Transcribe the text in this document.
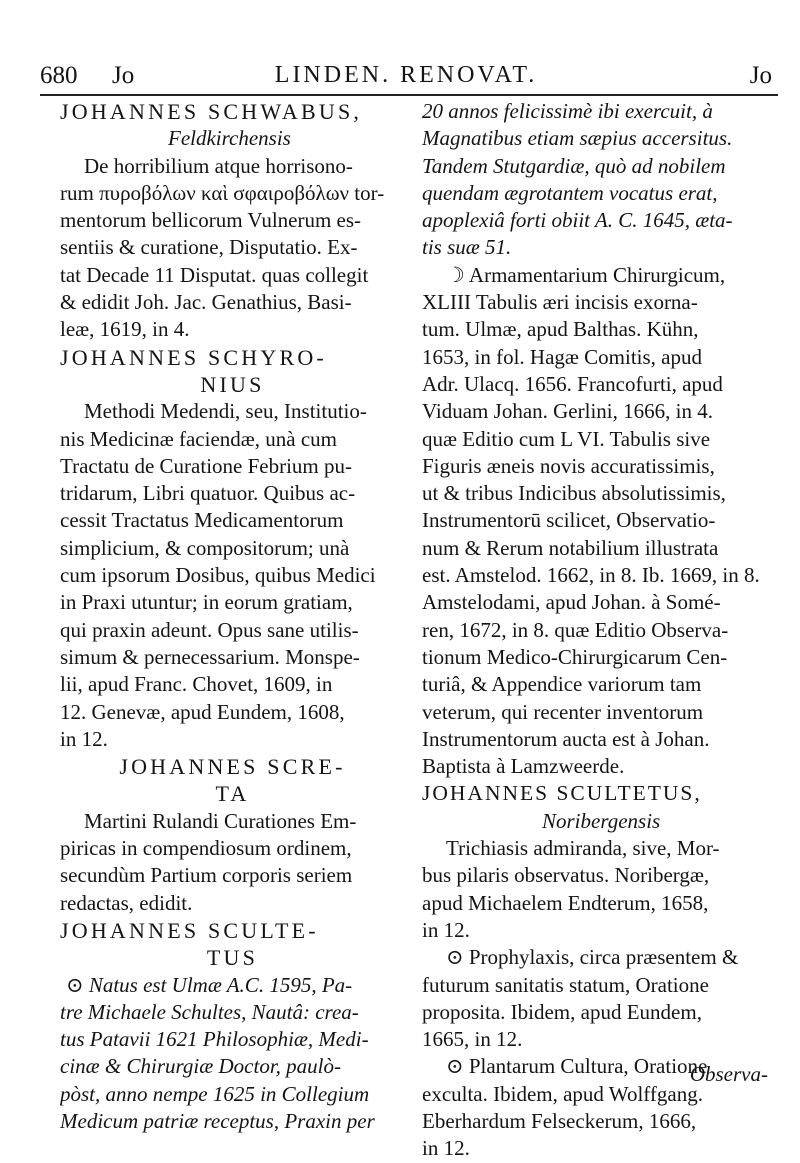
680 Jo	LINDEN. RENOVAT.	Jo
JOHANNES SCHWABUS,
Feldkirchensis
De horribilium atque horrisono-
rum πυροβόλων καὶ σφαιροβόλων tor-
mentorum bellicorum Vulnerum es-
sentiis & curatione, Disputatio. Ex-
tat Decade 11 Disputat. quas collegit
& edidit Joh. Jac. Genathius, Basi-
leæ, 1619, in 4.
JOHANNES SCHYRO-
NIUS
Methodi Medendi, seu, Institutio-
nis Medicinæ faciendæ, unà cum
Tractatu de Curatione Febrium pu-
tridarum, Libri quatuor. Quibus ac-
cessit Tractatus Medicamentorum
simplicium, & compositorum; unà
cum ipsorum Dosibus, quibus Medici
in Praxi utuntur; in eorum gratiam,
qui praxin adeunt. Opus sane utilis-
simum & pernecessarium. Monspe-
lii, apud Franc. Chovet, 1609, in
12. Genevæ, apud Eundem, 1608,
in 12.
JOHANNES SCRE-
TA
Martini Rulandi Curationes Em-
piricas in compendiosum ordinem,
secundùm Partium corporis seriem
redactas, edidit.
JOHANNES SCULTE-
TUS
⊙ Natus est Ulmæ A.C. 1595, Pa-
tre Michaele Schultes, Nautâ: crea-
tus Patavii 1621 Philosophiæ, Medi-
cinæ & Chirurgiæ Doctor, paulò-
pòst, anno nempe 1625 in Collegium
Medicum patriæ receptus, Praxin per
20 annos felicissimè ibi exercuit, à
Magnatibus etiam sæpius accersitus.
Tandem Stutgardiæ, quò ad nobilem
quendam ægrotantem vocatus erat,
apoplexiâ forti obiit A. C. 1645, æta-
tis suæ 51.
☽ Armamentarium Chirurgicum,
XLIII Tabulis æri incisis exorna-
tum. Ulmæ, apud Balthas. Kühn,
1653, in fol. Hagæ Comitis, apud
Adr. Ulacq. 1656. Francofurti, apud
Viduam Johan. Gerlini, 1666, in 4.
quæ Editio cum L VI. Tabulis sive
Figuris æneis novis accuratissimis,
ut & tribus Indicibus absolutissimis,
Instrumentorū scilicet, Observatio-
num & Rerum notabilium illustrata
est. Amstelod. 1662, in 8. Ib. 1669, in 8.
Amstelodami, apud Johan. à Somé-
ren, 1672, in 8. quæ Editio Observa-
tionum Medico-Chirurgicarum Cen-
turiâ, & Appendice variorum tam
veterum, qui recenter inventorum
Instrumentorum aucta est à Johan.
Baptista à Lamzweerde.
JOHANNES SCULTETUS,
Noribergensis
Trichiasis admiranda, sive, Mor-
bus pilaris observatus. Noribergæ,
apud Michaelem Endterum, 1658,
in 12.
⊙ Prophylaxis, circa præsentem &
futurum sanitatis statum, Oratione
proposita. Ibidem, apud Eundem,
1665, in 12.
⊙ Plantarum Cultura, Oratione
exculta. Ibidem, apud Wolffgang.
Eberhardum Felseckerum, 1666,
in 12.
Observa-
